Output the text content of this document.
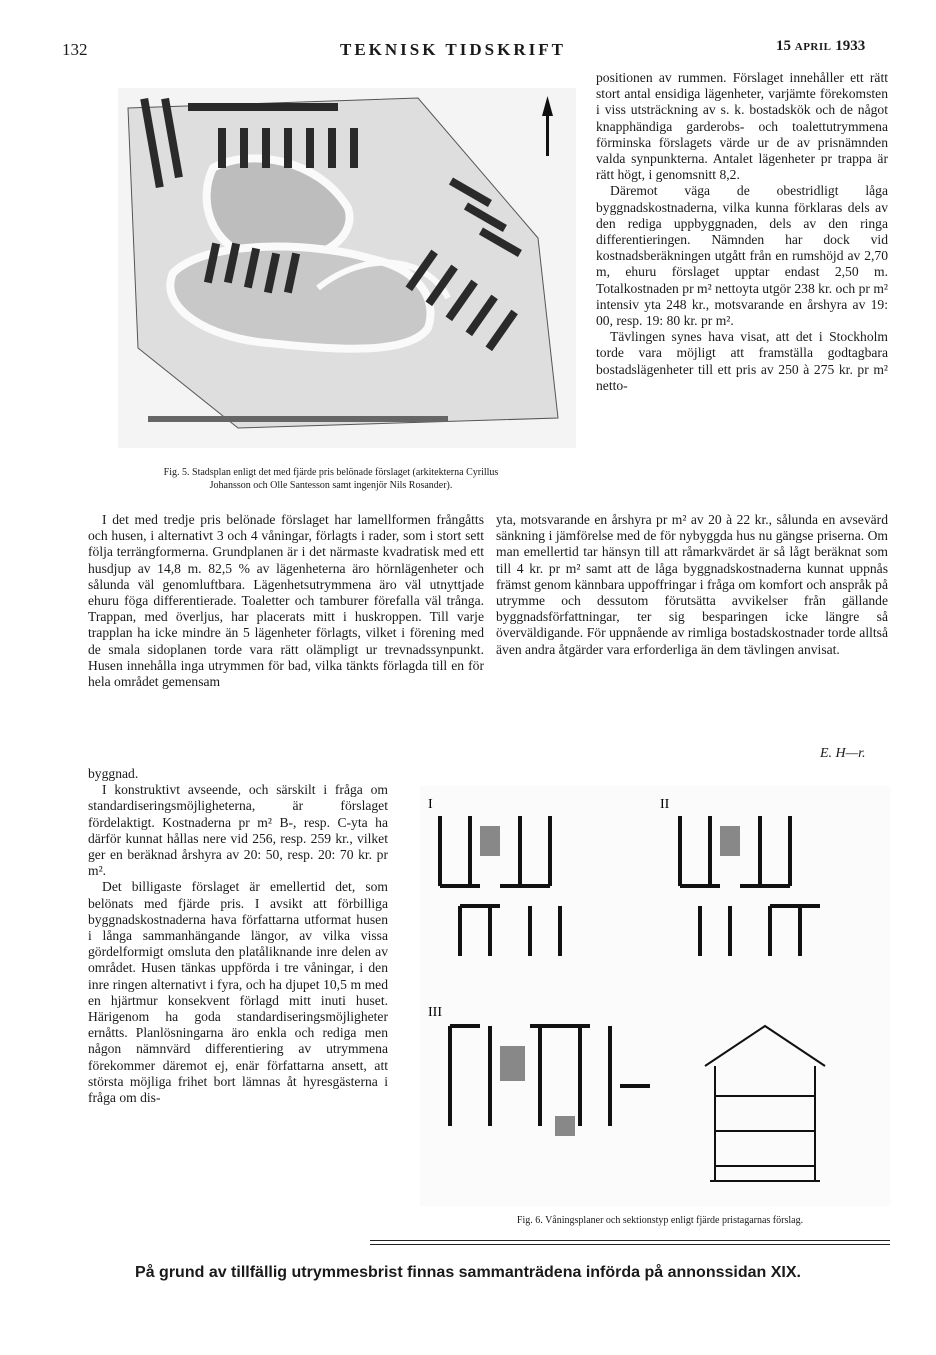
132	TEKNISK TIDSKRIFT	15 APRIL 1933
Fig. 5. Stadsplan enligt det med fjärde pris belönade förslaget (arkitekterna Cyrillus
Johansson och Olle Santesson samt ingenjör Nils Rosander).

positionen av rummen. Förslaget innehåller ett rätt stort antal ensidiga lägenheter, varjämte förekomsten i viss utsträckning av s. k. bostadskök och de något knapphändiga garderobs- och toalettutrymmena förminska förslagets värde ur de av prisnämnden valda synpunkterna. Antalet lägenheter pr trappa är rätt högt, i genomsnitt 8,2.

Däremot väga de obestridligt låga byggnadskostnaderna, vilka kunna förklaras dels av den rediga uppbyggnaden, dels av den ringa differentieringen. Nämnden har dock vid kostnadsberäkningen utgått från en rumshöjd av 2,70 m, ehuru förslaget upptar endast 2,50 m. Totalkostnaden pr m² nettoyta utgör 238 kr. och pr m² intensiv yta 248 kr., motsvarande en årshyra av 19: 00, resp. 19: 80 kr. pr m².

Tävlingen synes hava visat, att det i Stockholm torde vara möjligt att framställa godtagbara bostadslägenheter till ett pris av 250 à 275 kr. pr m² netto-

I det med tredje pris belönade förslaget har lamellformen frångåtts och husen, i alternativt 3 och 4 våningar, förlagts i rader, som i stort sett följa terrängformerna. Grundplanen är i det närmaste kvadratisk med ett husdjup av 14,8 m. 82,5 % av lägenheterna äro hörnlägenheter och sålunda väl genomluftbara. Lägenhetsutrymmena äro väl utnyttjade ehuru föga differentierade. Toaletter och tamburer förefalla väl trånga. Trappan, med överljus, har placerats mitt i huskroppen. Till varje trapplan ha icke mindre än 5 lägenheter förlagts, vilket i förening med de smala sidoplanen torde vara rätt olämpligt ur trevnadssynpunkt. Husen innehålla inga utrymmen för bad, vilka tänkts förlagda till en för hela området gemensam

yta, motsvarande en årshyra pr m² av 20 à 22 kr., sålunda en avsevärd sänkning i jämförelse med de för nybyggda hus nu gängse priserna. Om man emellertid tar hänsyn till att råmarkvärdet är så lågt beräknat som till 4 kr. pr m² samt att de låga byggnadskostnaderna kunnat uppnås främst genom kännbara uppoffringar i fråga om komfort och anspråk på utrymme och dessutom förutsätta avvikelser från gällande byggnadsförfattningar, ter sig besparingen icke längre så överväldigande. För uppnående av rimliga bostadskostnader torde alltså även andra åtgärder vara erforderliga än dem tävlingen anvisat.

E. H—r.

byggnad.

I konstruktivt avseende, och särskilt i fråga om standardiseringsmöjligheterna, är förslaget fördelaktigt. Kostnaderna pr m² B-, resp. C-yta ha därför kunnat hållas nere vid 256, resp. 259 kr., vilket ger en beräknad årshyra av 20: 50, resp. 20: 70 kr. pr m².

Det billigaste förslaget är emellertid det, som belönats med fjärde pris. I avsikt att förbilliga byggnadskostnaderna hava författarna utformat husen i långa sammanhängande längor, av vilka vissa gördelformigt omsluta den platåliknande inre delen av området. Husen tänkas uppförda i tre våningar, i den inre ringen alternativt i fyra, och ha djupet 10,5 m med en hjärtmur konsekvent förlagd mitt inuti huset. Härigenom ha goda standardiseringsmöjligheter ernåtts. Planlösningarna äro enkla och rediga men någon nämnvärd differentiering av utrymmena förekommer däremot ej, enär författarna ansett, att största möjliga frihet bort lämnas åt hyresgästerna i fråga om dis-

I	II
III
Fig. 6. Våningsplaner och sektionstyp enligt fjärde pristagarnas förslag.
På grund av tillfällig utrymmesbrist finnas sammanträdena införda på annonssidan XIX.
